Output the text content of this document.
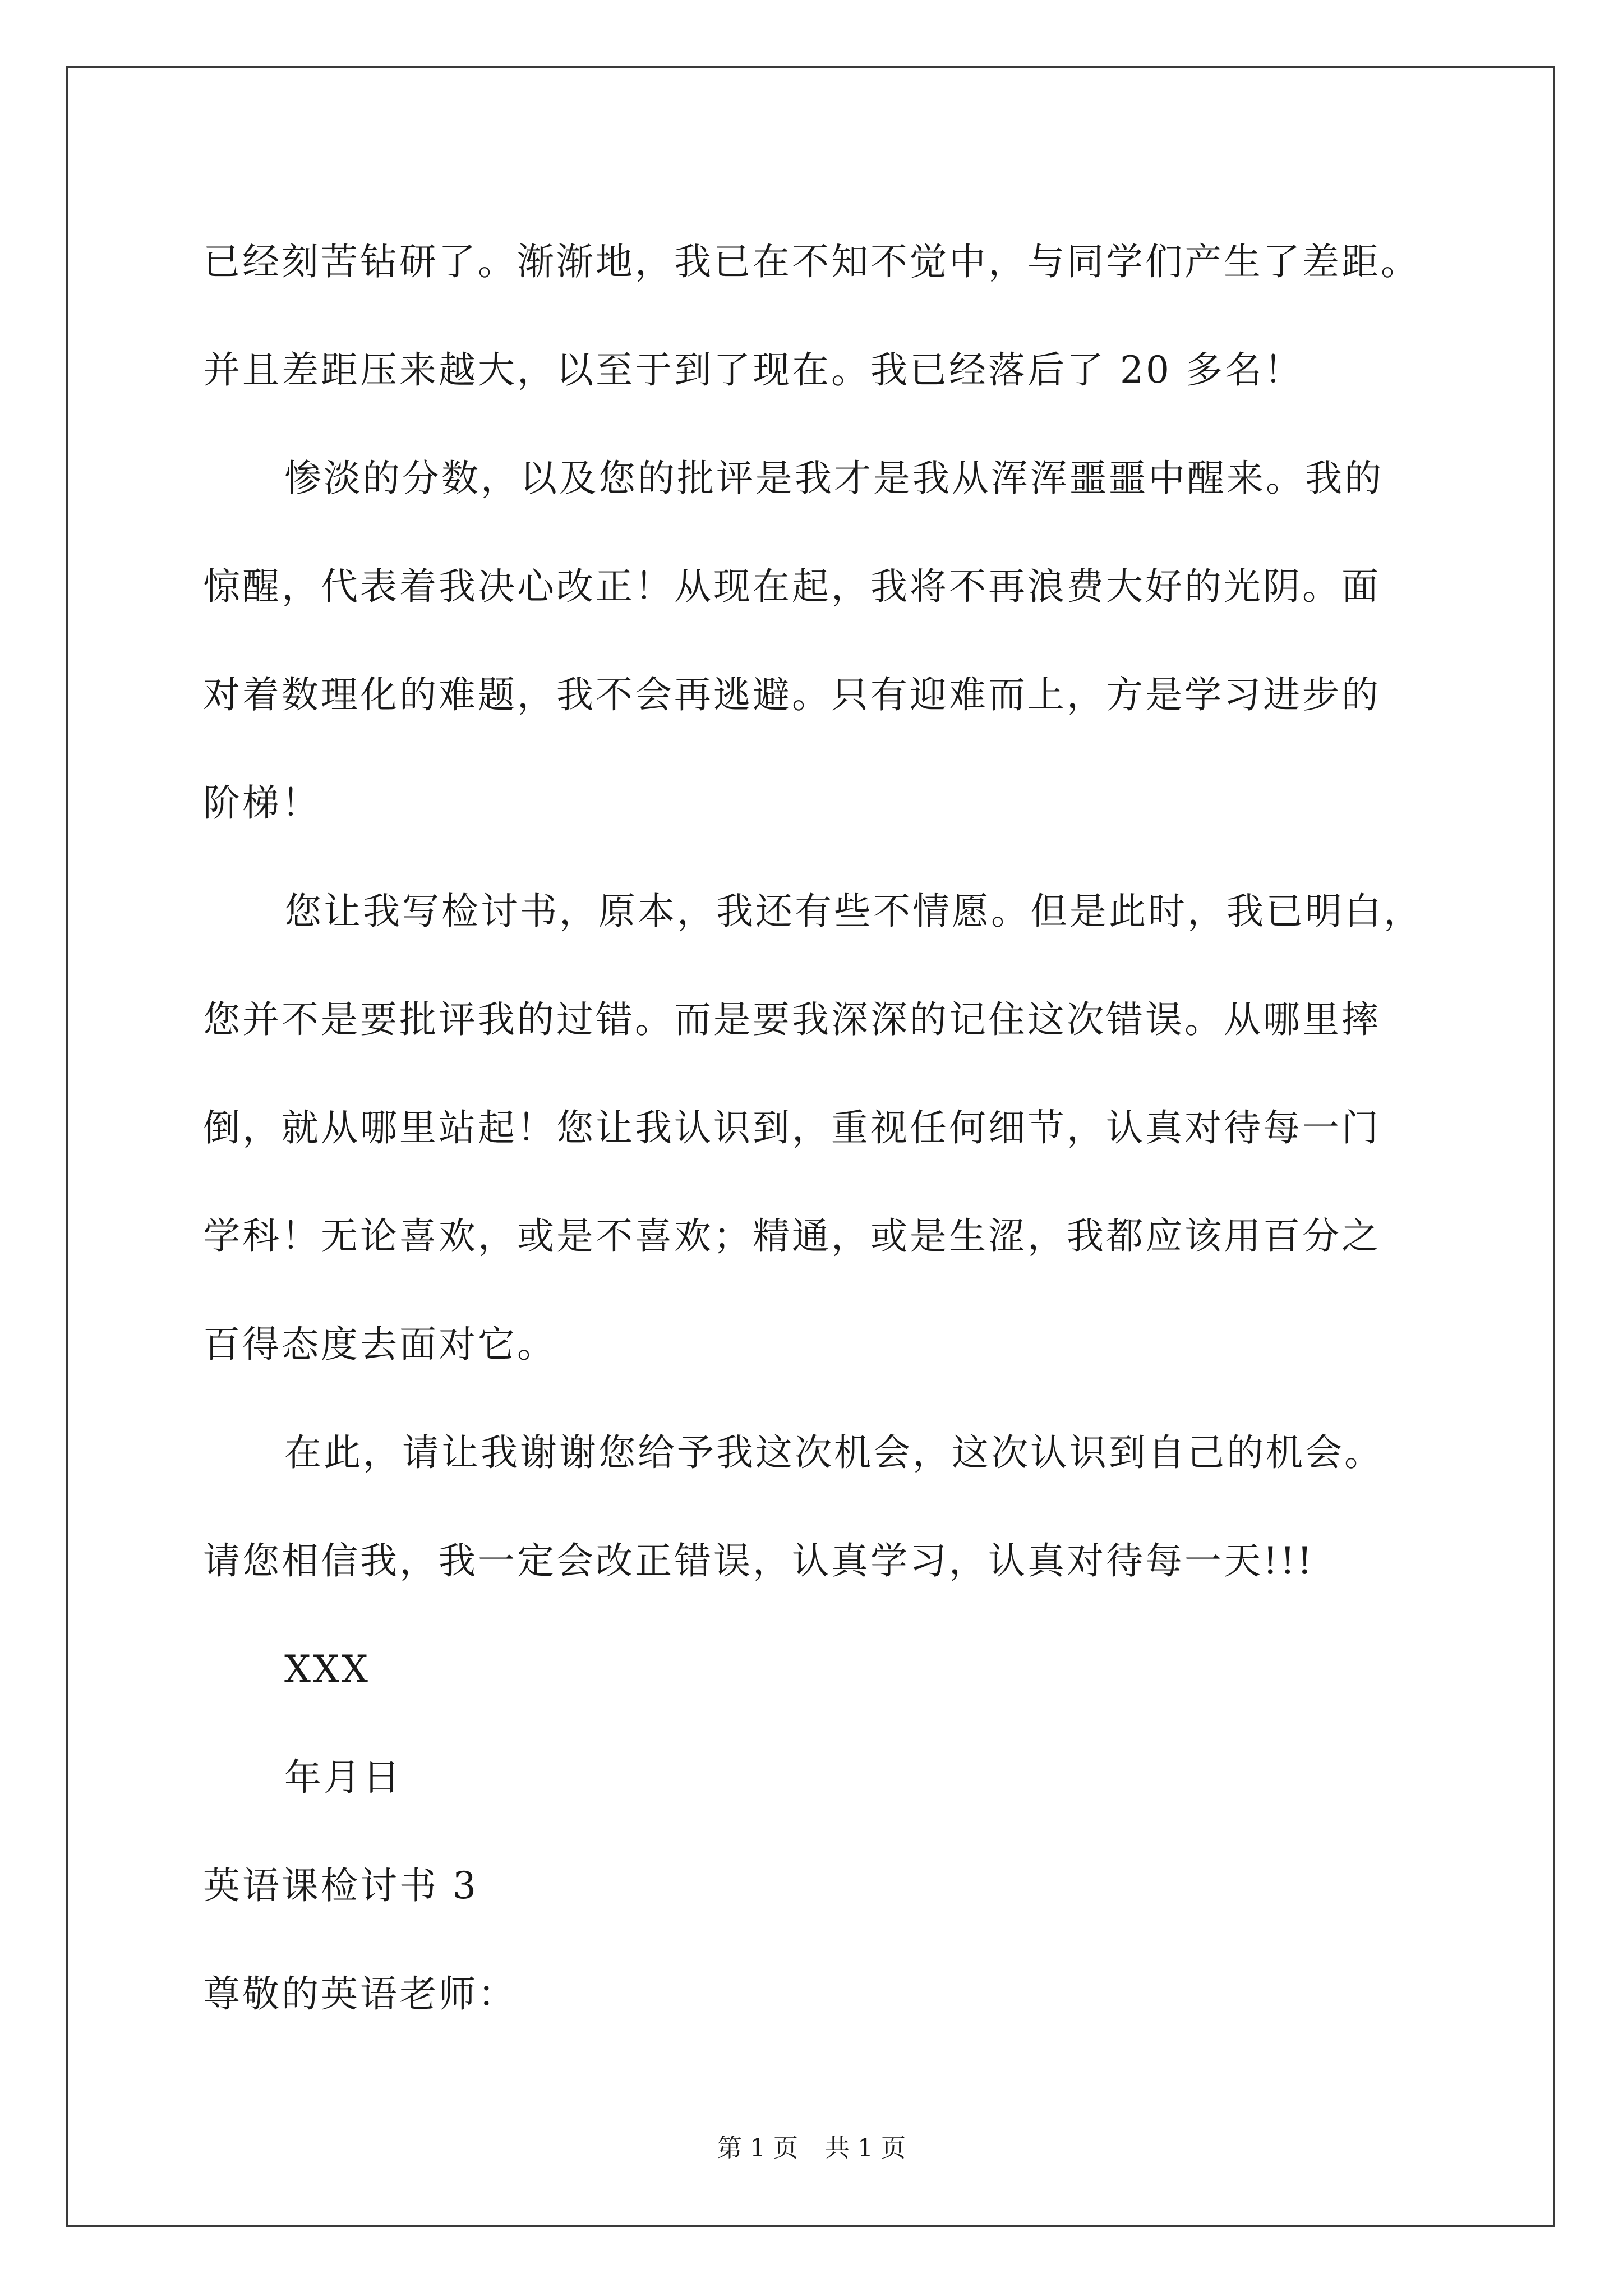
已经刻苦钻研了。渐渐地，我已在不知不觉中，与同学们产生了差距。

并且差距压来越大，以至于到了现在。我已经落后了 20 多名！

惨淡的分数，以及您的批评是我才是我从浑浑噩噩中醒来。我的

惊醒，代表着我决心改正！从现在起，我将不再浪费大好的光阴。面

对着数理化的难题，我不会再逃避。只有迎难而上，方是学习进步的

阶梯！

您让我写检讨书，原本，我还有些不情愿。但是此时，我已明白，

您并不是要批评我的过错。而是要我深深的记住这次错误。从哪里摔

倒，就从哪里站起！您让我认识到，重视任何细节，认真对待每一门

学科！无论喜欢，或是不喜欢；精通，或是生涩，我都应该用百分之

百得态度去面对它。

在此，请让我谢谢您给予我这次机会，这次认识到自己的机会。

请您相信我，我一定会改正错误，认真学习，认真对待每一天!!!

XXX

年月日

英语课检讨书 3

尊敬的英语老师：

第 1 页 共 1 页
